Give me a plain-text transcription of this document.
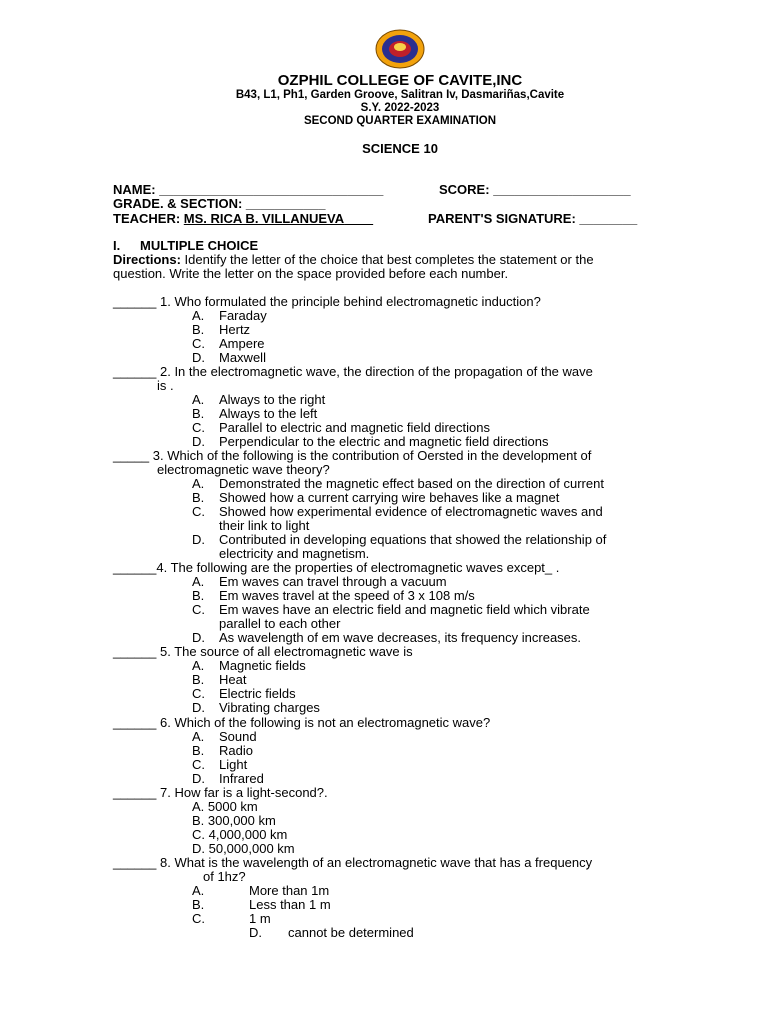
OZPHIL COLLEGE OF CAVITE,INC
B43, L1, Ph1, Garden Groove, Salitran Iv, Dasmariñas,Cavite
S.Y. 2022-2023
SECOND QUARTER EXAMINATION
SCIENCE 10
NAME: _______________________________	SCORE: ___________________
GRADE. & SECTION: ___________
TEACHER: MS. RICA B. VILLANUEVA____	PARENT'S SIGNATURE: ________
I. MULTIPLE CHOICE
Directions: Identify the letter of the choice that best completes the statement or the
question. Write the letter on the space provided before each number.
______ 1. Who formulated the principle behind electromagnetic induction?
A. Faraday
B. Hertz
C. Ampere
D. Maxwell
______ 2. In the electromagnetic wave, the direction of the propagation of the wave
is .
A. Always to the right
B. Always to the left
C. Parallel to electric and magnetic field directions
D. Perpendicular to the electric and magnetic field directions
_____ 3. Which of the following is the contribution of Oersted in the development of
electromagnetic wave theory?
A. Demonstrated the magnetic effect based on the direction of current
B. Showed how a current carrying wire behaves like a magnet
C. Showed how experimental evidence of electromagnetic waves and
their link to light
D. Contributed in developing equations that showed the relationship of
electricity and magnetism.
______4. The following are the properties of electromagnetic waves except_ .
A. Em waves can travel through a vacuum
B. Em waves travel at the speed of 3 x 108 m/s
C. Em waves have an electric field and magnetic field which vibrate
parallel to each other
D. As wavelength of em wave decreases, its frequency increases.
______ 5. The source of all electromagnetic wave is
A. Magnetic fields
B. Heat
C. Electric fields
D. Vibrating charges
______ 6. Which of the following is not an electromagnetic wave?
A. Sound
B. Radio
C. Light
D. Infrared
______ 7. How far is a light-second?.
A. 5000 km
B. 300,000 km
C. 4,000,000 km
D. 50,000,000 km
______ 8. What is the wavelength of an electromagnetic wave that has a frequency
of 1hz?
A.	More than 1m
B.	Less than 1 m
C.	1 m
D. cannot be determined
